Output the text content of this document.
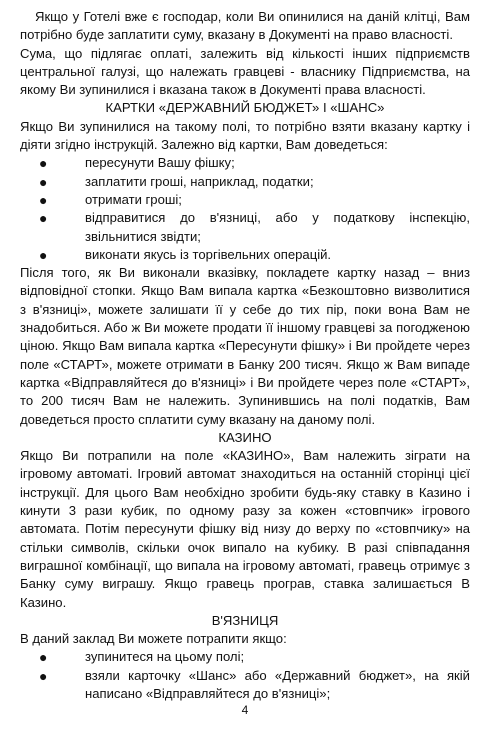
Якщо у Готелі вже є господар, коли Ви опинилися на даній клітці, Вам потрібно буде заплатити суму, вказану в Документі на право власності.

Сума, що підлягає оплаті, залежить від кількості інших підприємств центральної галузі, що належать гравцеві - власнику Підприємства, на якому Ви зупинилися і вказана також в Документі права власності.

КАРТКИ «ДЕРЖАВНИЙ БЮДЖЕТ» І «ШАНС»

Якщо Ви зупинилися на такому полі, то потрібно взяти вказану картку і діяти згідно інструкцій. Залежно від картки, Вам доведеться:

●	пересунути Вашу фішку;
●	заплатити гроші, наприклад, податки;
●	отримати гроші;
●	відправитися до в'язниці, або у податкову інспекцію, звільнитися звідти;
●	виконати якусь із торгівельних операцій.

Після того, як Ви виконали вказівку, покладете картку назад – вниз відповідної стопки. Якщо Вам випала картка «Безкоштовно визволитися з в'язниці», можете залишати її у себе до тих пір, поки вона Вам не знадобиться. Або ж Ви можете продати її іншому гравцеві за погодженою ціною. Якщо Вам випала картка «Пересунути фішку» і Ви пройдете через поле «СТАРТ», можете отримати в Банку 200 тисяч. Якщо ж Вам випаде картка «Відправляйтеся до в'язниці» і Ви пройдете через поле «СТАРТ», то 200 тисяч Вам не належить. Зупинившись на полі податків, Вам доведеться просто сплатити суму вказану на даному полі.

КАЗИНО

Якщо Ви потрапили на поле «КАЗИНО», Вам належить зіграти на ігровому автоматі. Ігровий автомат знаходиться на останній сторінці цієї інструкції. Для цього Вам необхідно зробити будь-яку ставку в Казино і кинути 3 рази кубик, по одному разу за кожен «стовпчик» ігрового автомата. Потім пересунути фішку від низу до верху по «стовпчику» на стільки символів, скільки очок випало на кубику. В разі співпадання виграшної комбінації, що випала на ігровому автоматі, гравець отримує з Банку суму виграшу. Якщо гравець програв, ставка залишається В Казино.

В'ЯЗНИЦЯ

В даний заклад Ви можете потрапити якщо:

●	зупинитеся на цьому полі;
●	взяли карточку «Шанс» або «Державний бюджет», на якій написано «Відправляйтеся до в'язниці»;
4
